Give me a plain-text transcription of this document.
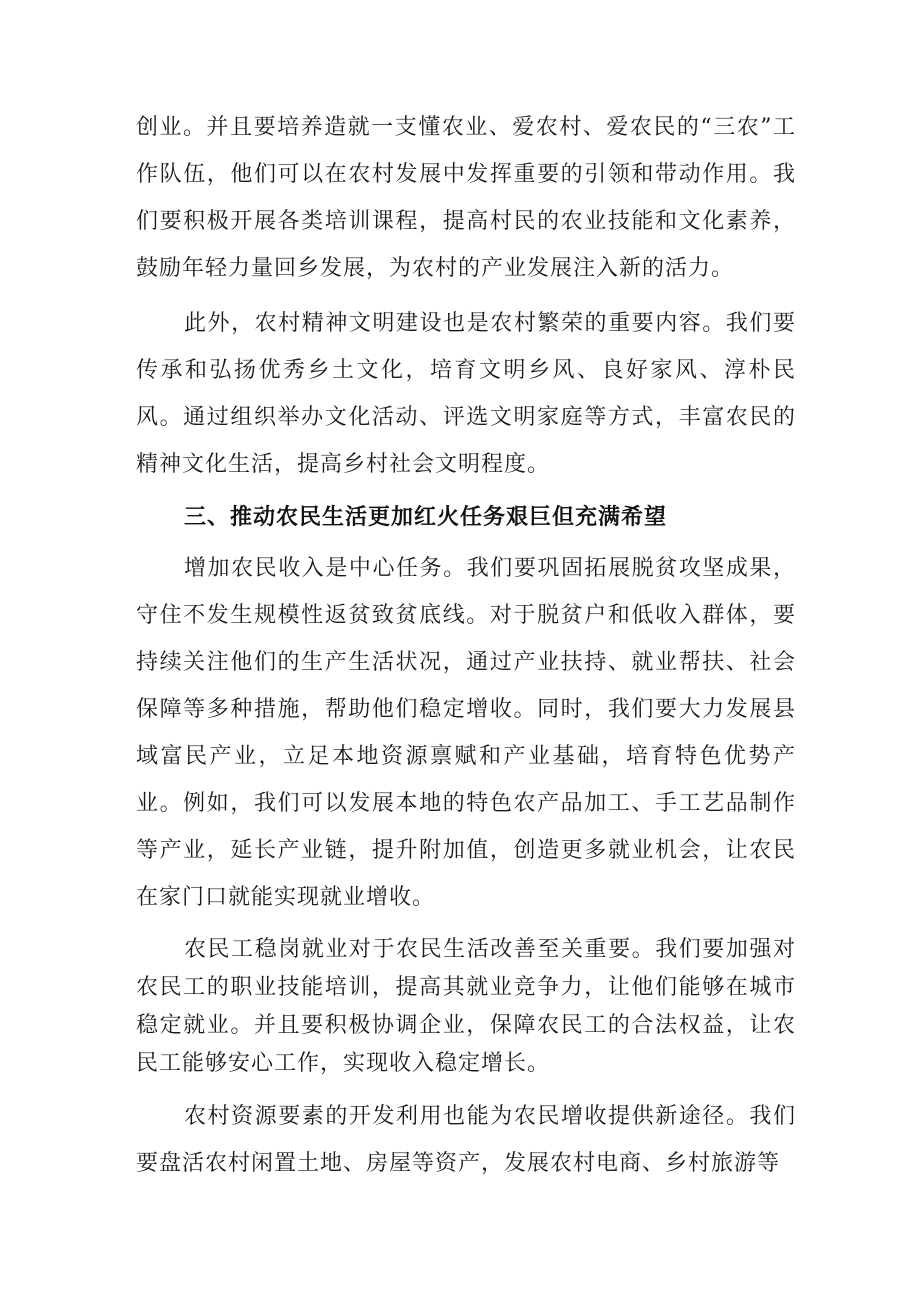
创业。并且要培养造就一支懂农业、爱农村、爱农民的“三农”工作队伍，他们可以在农村发展中发挥重要的引领和带动作用。我们要积极开展各类培训课程，提高村民的农业技能和文化素养，鼓励年轻力量回乡发展，为农村的产业发展注入新的活力。

此外，农村精神文明建设也是农村繁荣的重要内容。我们要传承和弘扬优秀乡土文化，培育文明乡风、良好家风、淳朴民风。通过组织举办文化活动、评选文明家庭等方式，丰富农民的精神文化生活，提高乡村社会文明程度。

三、推动农民生活更加红火任务艰巨但充满希望

增加农民收入是中心任务。我们要巩固拓展脱贫攻坚成果，守住不发生规模性返贫致贫底线。对于脱贫户和低收入群体，要持续关注他们的生产生活状况，通过产业扶持、就业帮扶、社会保障等多种措施，帮助他们稳定增收。同时，我们要大力发展县域富民产业，立足本地资源禀赋和产业基础，培育特色优势产业。例如，我们可以发展本地的特色农产品加工、手工艺品制作等产业，延长产业链，提升附加值，创造更多就业机会，让农民在家门口就能实现就业增收。

农民工稳岗就业对于农民生活改善至关重要。我们要加强对农民工的职业技能培训，提高其就业竞争力，让他们能够在城市稳定就业。并且要积极协调企业，保障农民工的合法权益，让农民工能够安心工作，实现收入稳定增长。

农村资源要素的开发利用也能为农民增收提供新途径。我们要盘活农村闲置土地、房屋等资产，发展农村电商、乡村旅游等
